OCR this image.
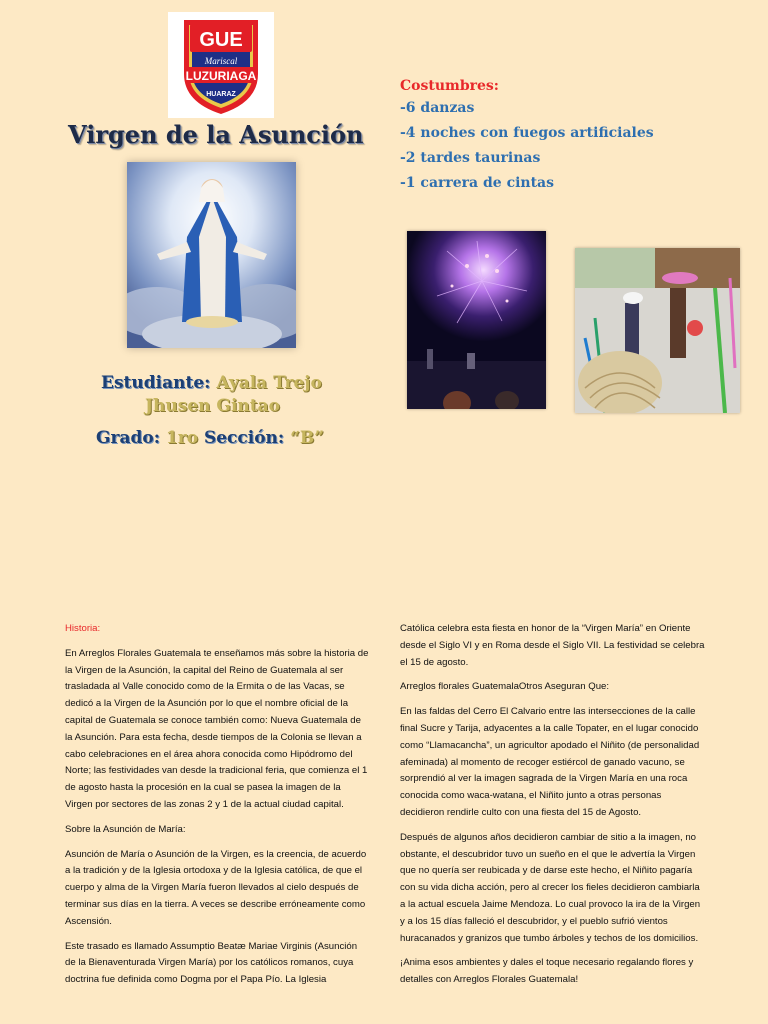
GUE
Mariscal
LUZURIAGA
HUARAZ
Virgen de la Asunción
Costumbres:
-6 danzas
-4 noches con fuegos artificiales
-2 tardes taurinas
-1 carrera de cintas
Estudiante: Ayala Trejo
Jhusen Gintao
Grado: 1ro Sección: “B”

Historia:

En Arreglos Florales Guatemala te enseñamos más sobre la historia de la Virgen de la Asunción, la capital del Reino de Guatemala al ser trasladada al Valle conocido como de la Ermita o de las Vacas, se dedicó a la Virgen de la Asunción por lo que el nombre oficial de la capital de Guatemala se conoce también como: Nueva Guatemala de la Asunción. Para esta fecha, desde tiempos de la Colonia se llevan a cabo celebraciones en el área ahora conocida como Hipódromo del Norte; las festividades van desde la tradicional feria, que comienza el 1 de agosto hasta la procesión en la cual se pasea la imagen de la Virgen por sectores de las zonas 2 y 1 de la actual ciudad capital.

Sobre la Asunción de María:

Asunción de María o Asunción de la Virgen, es la creencia, de acuerdo a la tradición y de la Iglesia ortodoxa y de la Iglesia católica, de que el cuerpo y alma de la Virgen María fueron llevados al cielo después de terminar sus días en la tierra. A veces se describe erróneamente como Ascensión.

Este trasado es llamado Assumptio Beatæ Mariae Virginis (Asunción de la Bienaventurada Virgen María) por los católicos romanos, cuya doctrina fue definida como Dogma por el Papa Pío. La Iglesia

Católica celebra esta fiesta en honor de la “Virgen María” en Oriente desde el Siglo VI y en Roma desde el Siglo VII. La festividad se celebra el 15 de agosto.

Arreglos florales GuatemalaOtros Aseguran Que:

En las faldas del Cerro El Calvario entre las intersecciones de la calle final Sucre y Tarija, adyacentes a la calle Topater, en el lugar conocido como “Llamacancha”, un agricultor apodado el Niñito (de personalidad afeminada) al momento de recoger estiércol de ganado vacuno, se sorprendió al ver la imagen sagrada de la Virgen María en una roca conocida como waca-watana, el Niñito junto a otras personas decidieron rendirle culto con una fiesta del 15 de Agosto.

Después de algunos años decidieron cambiar de sitio a la imagen, no obstante, el descubridor tuvo un sueño en el que le advertía la Virgen que no quería ser reubicada y de darse este hecho, el Niñito pagaría con su vida dicha acción, pero al crecer los fieles decidieron cambiarla a la actual escuela Jaime Mendoza. Lo cual provoco la ira de la Virgen y a los 15 días falleció el descubridor, y el pueblo sufrió vientos huracanados y granizos que tumbo árboles y techos de los domicilios.

¡Anima esos ambientes y dales el toque necesario regalando flores y detalles con Arreglos Florales Guatemala!
